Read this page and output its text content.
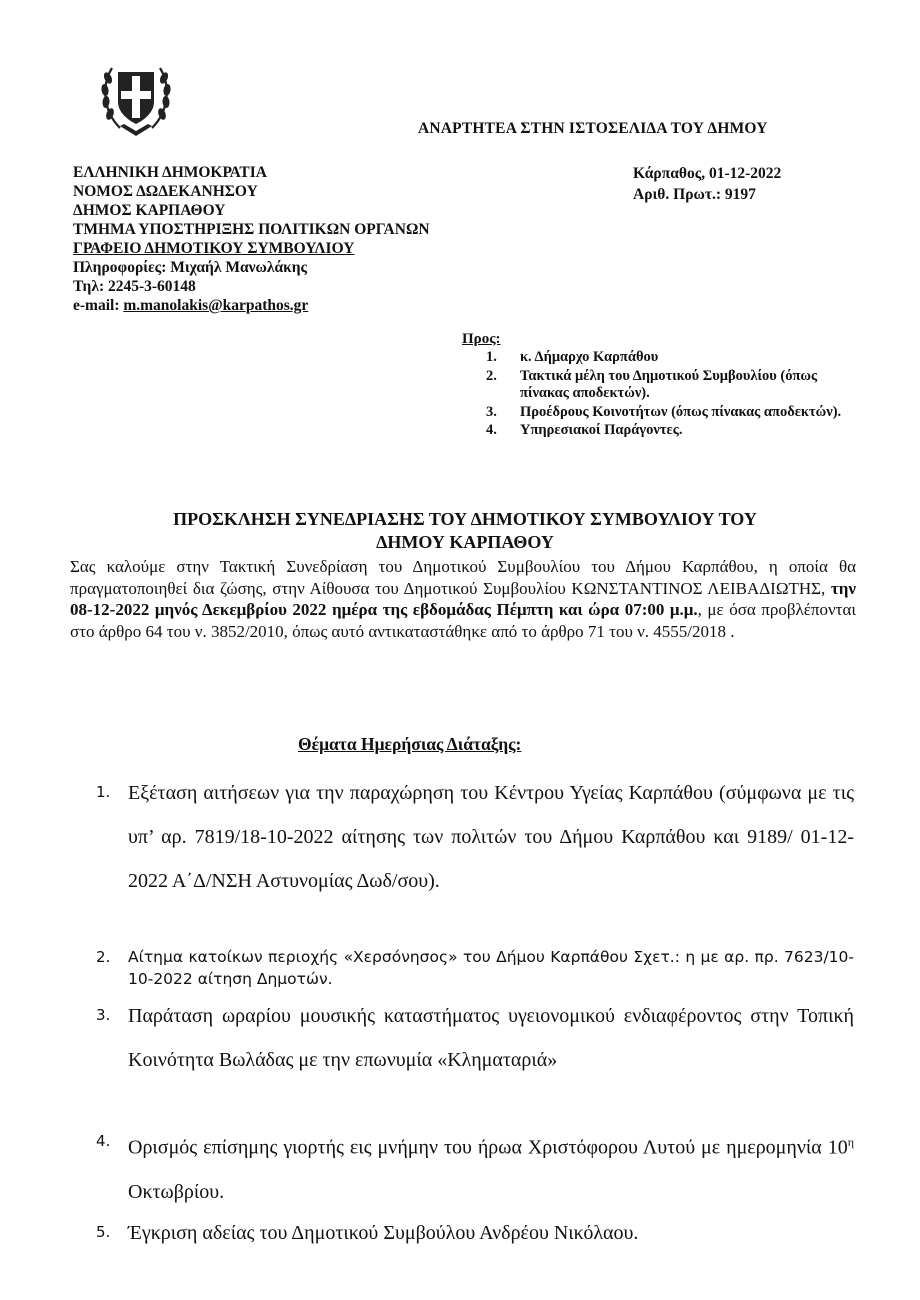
ΑΝΑΡΤΗΤΕΑ ΣΤΗΝ ΙΣΤΟΣΕΛΙΔΑ ΤΟΥ ΔΗΜΟΥ
ΕΛΛΗΝΙΚΗ ΔΗΜΟΚΡΑΤΙΑ
ΝΟΜΟΣ ΔΩΔΕΚΑΝΗΣΟΥ
ΔΗΜΟΣ ΚΑΡΠΑΘΟΥ
ΤΜΗΜΑ ΥΠΟΣΤΗΡΙΞΗΣ ΠΟΛΙΤΙΚΩΝ ΟΡΓΑΝΩΝ
ΓΡΑΦΕΙΟ ΔΗΜΟΤΙΚΟΥ ΣΥΜΒΟΥΛΙΟΥ
Πληροφορίες: Μιχαήλ Μανωλάκης
Τηλ: 2245-3-60148
e-mail: m.manolakis@karpathos.gr
Κάρπαθος, 01-12-2022
Αριθ. Πρωτ.: 9197
Προς:
1. κ. Δήμαρχο Καρπάθου
2. Τακτικά μέλη του Δημοτικού Συμβουλίου (όπως πίνακας αποδεκτών).
3. Προέδρους Κοινοτήτων (όπως πίνακας αποδεκτών).
4. Υπηρεσιακοί Παράγοντες.
ΠΡΟΣΚΛΗΣΗ ΣΥΝΕΔΡΙΑΣΗΣ ΤΟΥ ΔΗΜΟΤΙΚΟΥ ΣΥΜΒΟΥΛΙΟΥ ΤΟΥ
ΔΗΜΟΥ ΚΑΡΠΑΘΟΥ
Σας καλούμε στην Τακτική Συνεδρίαση του Δημοτικού Συμβουλίου του Δήμου Καρπάθου, η οποία θα πραγματοποιηθεί δια ζώσης, στην Αίθουσα του Δημοτικού Συμβουλίου ΚΩΝΣΤΑΝΤΙΝΟΣ ΛΕΙΒΑΔΙΩΤΗΣ, την 08-12-2022 μηνός Δεκεμβρίου 2022 ημέρα της εβδομάδας Πέμπτη και ώρα 07:00 μ.μ., με όσα προβλέπονται στο άρθρο 64 του ν. 3852/2010, όπως αυτό αντικαταστάθηκε από το άρθρο 71 του ν. 4555/2018 .
Θέματα Ημερήσιας Διάταξης:
1. Εξέταση αιτήσεων για την παραχώρηση του Κέντρου Υγείας Καρπάθου (σύμφωνα με τις υπ’ αρ. 7819/18-10-2022 αίτησης των πολιτών του Δήμου Καρπάθου και 9189/ 01-12-2022 Α΄Δ/ΝΣΗ Αστυνομίας Δωδ/σου).
2.	Αίτημα κατοίκων περιοχής «Χερσόνησος» του Δήμου Καρπάθου Σχετ.: η με αρ. πρ. 7623/10-10-2022 αίτηση Δημοτών.
3. Παράταση ωραρίου μουσικής καταστήματος υγειονομικού ενδιαφέροντος στην Τοπική Κοινότητα Βωλάδας με την επωνυμία «Κληματαριά»
4. Ορισμός επίσημης γιορτής εις μνήμην του ήρωα Χριστόφορου Λυτού με ημερομηνία $10^\eta$ Οκτωβρίου.
5. Έγκριση αδείας του Δημοτικού Συμβούλου Ανδρέου Νικόλαου.
